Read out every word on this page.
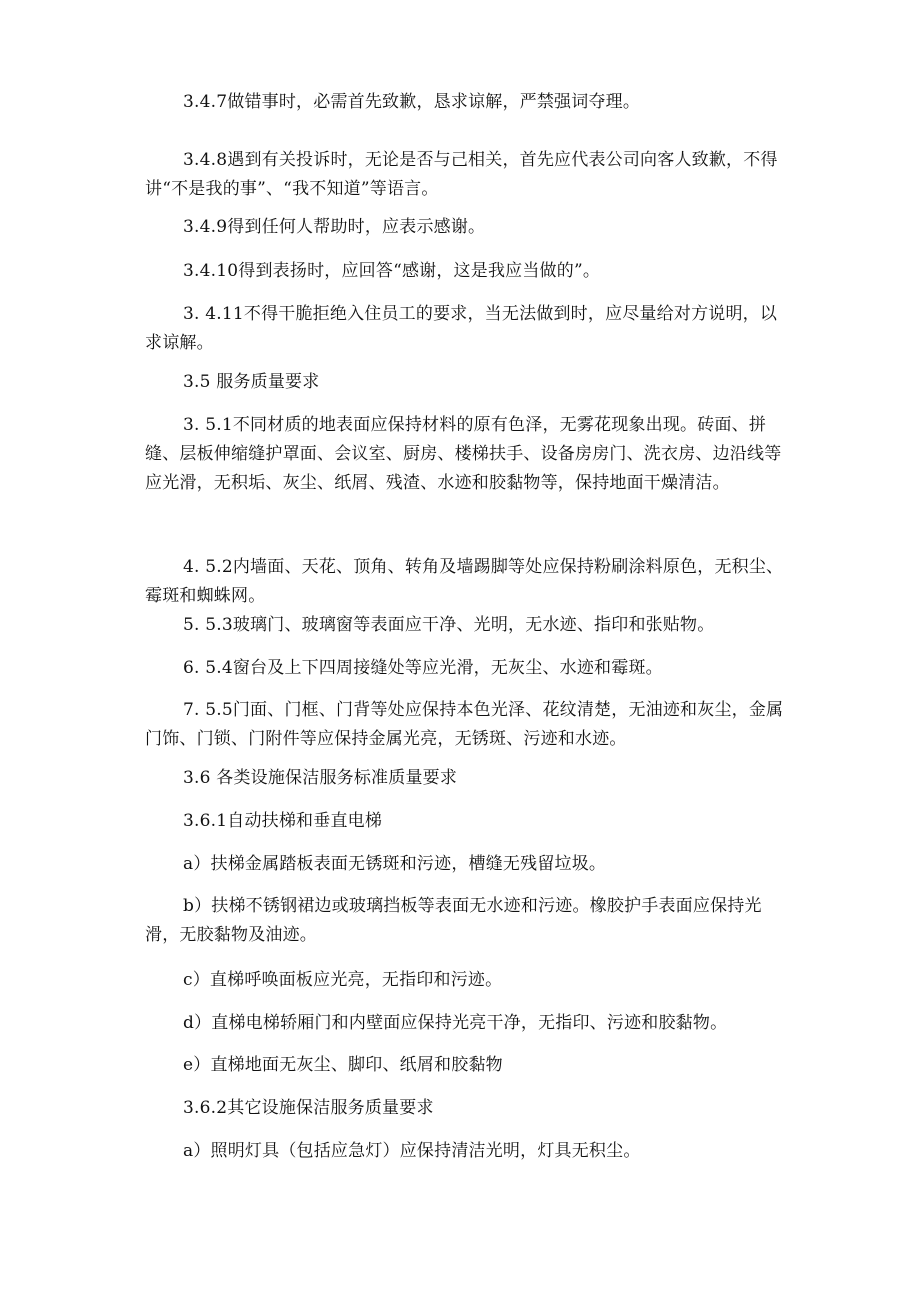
3.4.7做错事时，必需首先致歉，恳求谅解，严禁强词夺理。

3.4.8遇到有关投诉时，无论是否与己相关，首先应代表公司向客人致歉，不得讲“不是我的事”、“我不知道”等语言。

3.4.9得到任何人帮助时，应表示感谢。

3.4.10得到表扬时，应回答“感谢，这是我应当做的”。

3. 4.11不得干脆拒绝入住员工的要求，当无法做到时，应尽量给对方说明，以求谅解。

3.5 服务质量要求

3. 5.1不同材质的地表面应保持材料的原有色泽，无雾花现象出现。砖面、拼缝、层板伸缩缝护罩面、会议室、厨房、楼梯扶手、设备房房门、洗衣房、边沿线等应光滑，无积垢、灰尘、纸屑、残渣、水迹和胶黏物等，保持地面干燥清洁。

4. 5.2内墙面、天花、顶角、转角及墙踢脚等处应保持粉刷涂料原色，无积尘、霉斑和蜘蛛网。

5. 5.3玻璃门、玻璃窗等表面应干净、光明，无水迹、指印和张贴物。

6. 5.4窗台及上下四周接缝处等应光滑，无灰尘、水迹和霉斑。

7. 5.5门面、门框、门背等处应保持本色光泽、花纹清楚，无油迹和灰尘，金属门饰、门锁、门附件等应保持金属光亮，无锈斑、污迹和水迹。

3.6 各类设施保洁服务标准质量要求

3.6.1自动扶梯和垂直电梯

a）扶梯金属踏板表面无锈斑和污迹，槽缝无残留垃圾。

b）扶梯不锈钢裙边或玻璃挡板等表面无水迹和污迹。橡胶护手表面应保持光滑，无胶黏物及油迹。

c）直梯呼唤面板应光亮，无指印和污迹。

d）直梯电梯轿厢门和内壁面应保持光亮干净，无指印、污迹和胶黏物。

e）直梯地面无灰尘、脚印、纸屑和胶黏物

3.6.2其它设施保洁服务质量要求

a）照明灯具（包括应急灯）应保持清洁光明，灯具无积尘。
